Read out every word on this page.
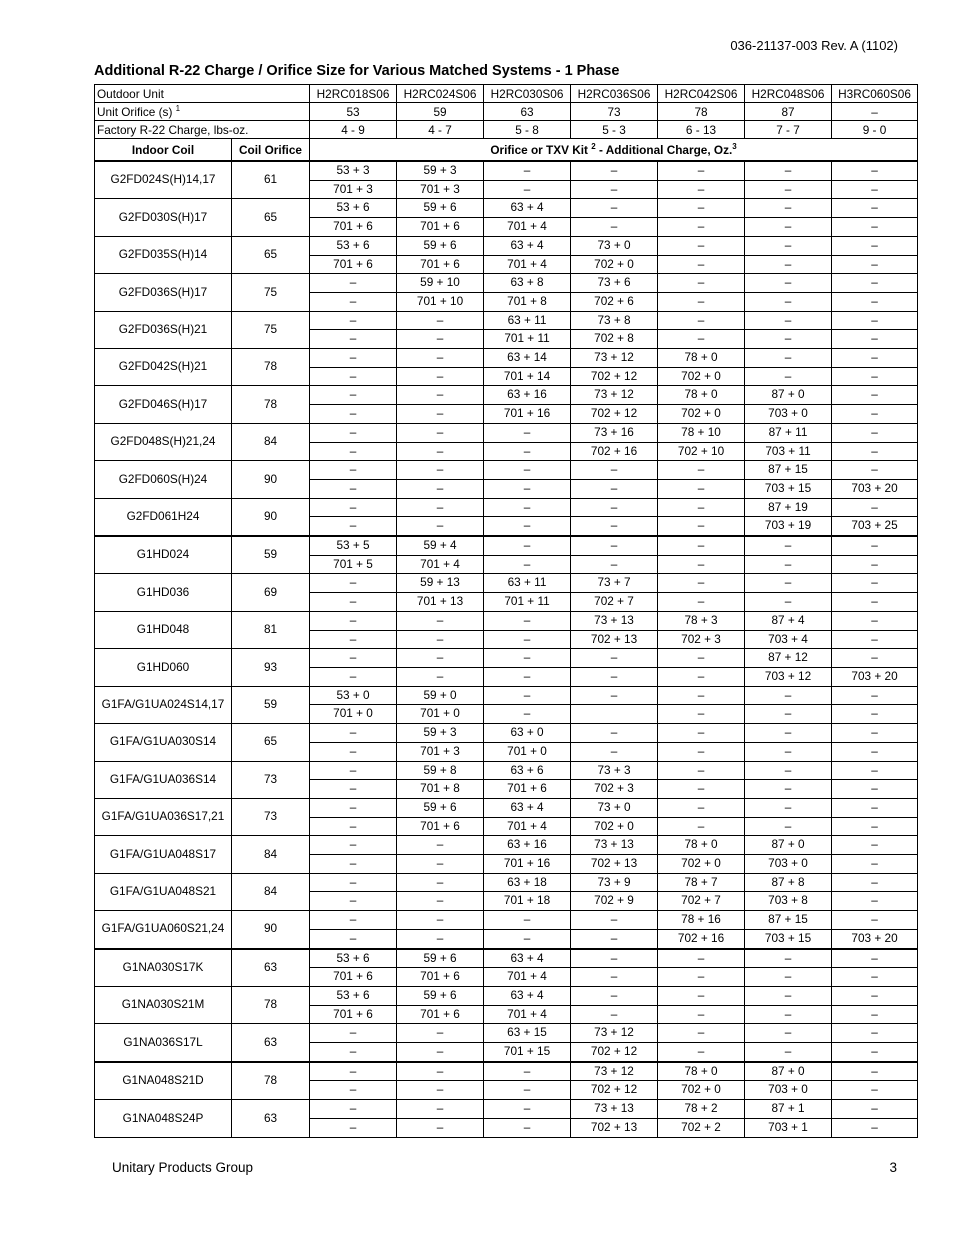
036-21137-003 Rev. A (1102)
Additional R-22 Charge / Orifice Size for Various Matched Systems - 1 Phase
Outdoor Unit		H2RC018S06	H2RC024S06	H2RC030S06	H2RC036S06	H2RC042S06	H2RC048S06	H3RC060S06
Unit Orifice (s) $^1$		53	59	63	73	78	87	–
Factory R-22 Charge, lbs-oz.		4 - 9	4 - 7	5 - 8	5 - 3	6 - 13	7 - 7	9 - 0
Indoor Coil	Coil Orifice	Orifice or TXV Kit $^2$ - Additional Charge, Oz.$^3$
G2FD024S(H)14,17	61	53 + 3	59 + 3	–	–	–	–	–
		701 + 3	701 + 3	–	–	–	–	–
G2FD030S(H)17	65	53 + 6	59 + 6	63 + 4	–	–	–	–
		701 + 6	701 + 6	701 + 4	–	–	–	–
G2FD035S(H)14	65	53 + 6	59 + 6	63 + 4	73 + 0	–	–	–
		701 + 6	701 + 6	701 + 4	702 + 0	–	–	–
G2FD036S(H)17	75	–	59 + 10	63 + 8	73 + 6	–	–	–
		–	701 + 10	701 + 8	702 + 6	–	–	–
G2FD036S(H)21	75	–	–	63 + 11	73 + 8	–	–	–
		–	–	701 + 11	702 + 8	–	–	–
G2FD042S(H)21	78	–	–	63 + 14	73 + 12	78 + 0	–	–
		–	–	701 + 14	702 + 12	702 + 0	–	–
G2FD046S(H)17	78	–	–	63 + 16	73 + 12	78 + 0	87 + 0	–
		–	–	701 + 16	702 + 12	702 + 0	703 + 0	–
G2FD048S(H)21,24	84	–	–	–	73 + 16	78 + 10	87 + 11	–
		–	–	–	702 + 16	702 + 10	703 + 11	–
G2FD060S(H)24	90	–	–	–	–	–	87 + 15	–
		–	–	–	–	–	703 + 15	703 + 20
G2FD061H24	90	–	–	–	–	–	87 + 19	–
		–	–	–	–	–	703 + 19	703 + 25
G1HD024	59	53 + 5	59 + 4	–	–	–	–	–
		701 + 5	701 + 4	–	–	–	–	–
G1HD036	69	–	59 + 13	63 + 11	73 + 7	–	–	–
		–	701 + 13	701 + 11	702 + 7	–	–	–
G1HD048	81	–	–	–	73 + 13	78 + 3	87 + 4	–
		–	–	–	702 + 13	702 + 3	703 + 4	–
G1HD060	93	–	–	–	–	–	87 + 12	–
		–	–	–	–	–	703 + 12	703 + 20
G1FA/G1UA024S14,17	59	53 + 0	59 + 0	–	–	–	–	–
		701 + 0	701 + 0	–		–	–	–
G1FA/G1UA030S14	65	–	59 + 3	63 + 0	–	–	–	–
		–	701 + 3	701 + 0	–	–	–	–
G1FA/G1UA036S14	73	–	59 + 8	63 + 6	73 + 3	–	–	–
		–	701 + 8	701 + 6	702 + 3	–	–	–
G1FA/G1UA036S17,21	73	–	59 + 6	63 + 4	73 + 0	–	–	–
		–	701 + 6	701 + 4	702 + 0	–	–	–
G1FA/G1UA048S17	84	–	–	63 + 16	73 + 13	78 + 0	87 + 0	–
		–	–	701 + 16	702 + 13	702 + 0	703 + 0	–
G1FA/G1UA048S21	84	–	–	63 + 18	73 + 9	78 + 7	87 + 8	–
		–	–	701 + 18	702 + 9	702 + 7	703 + 8	–
G1FA/G1UA060S21,24	90	–	–	–	–	78 + 16	87 + 15	–
		–	–	–	–	702 + 16	703 + 15	703 + 20
G1NA030S17K	63	53 + 6	59 + 6	63 + 4	–	–	–	–
		701 + 6	701 + 6	701 + 4	–	–	–	–
G1NA030S21M	78	53 + 6	59 + 6	63 + 4	–	–	–	–
		701 + 6	701 + 6	701 + 4	–	–	–	–
G1NA036S17L	63	–	–	63 + 15	73 + 12	–	–	–
		–	–	701 + 15	702 + 12	–	–	–
G1NA048S21D	78	–	–	–	73 + 12	78 + 0	87 + 0	–
		–	–	–	702 + 12	702 + 0	703 + 0	–
G1NA048S24P	63	–	–	–	73 + 13	78 + 2	87 + 1	–
		–	–	–	702 + 13	702 + 2	703 + 1	–
Unitary Products Group	3
